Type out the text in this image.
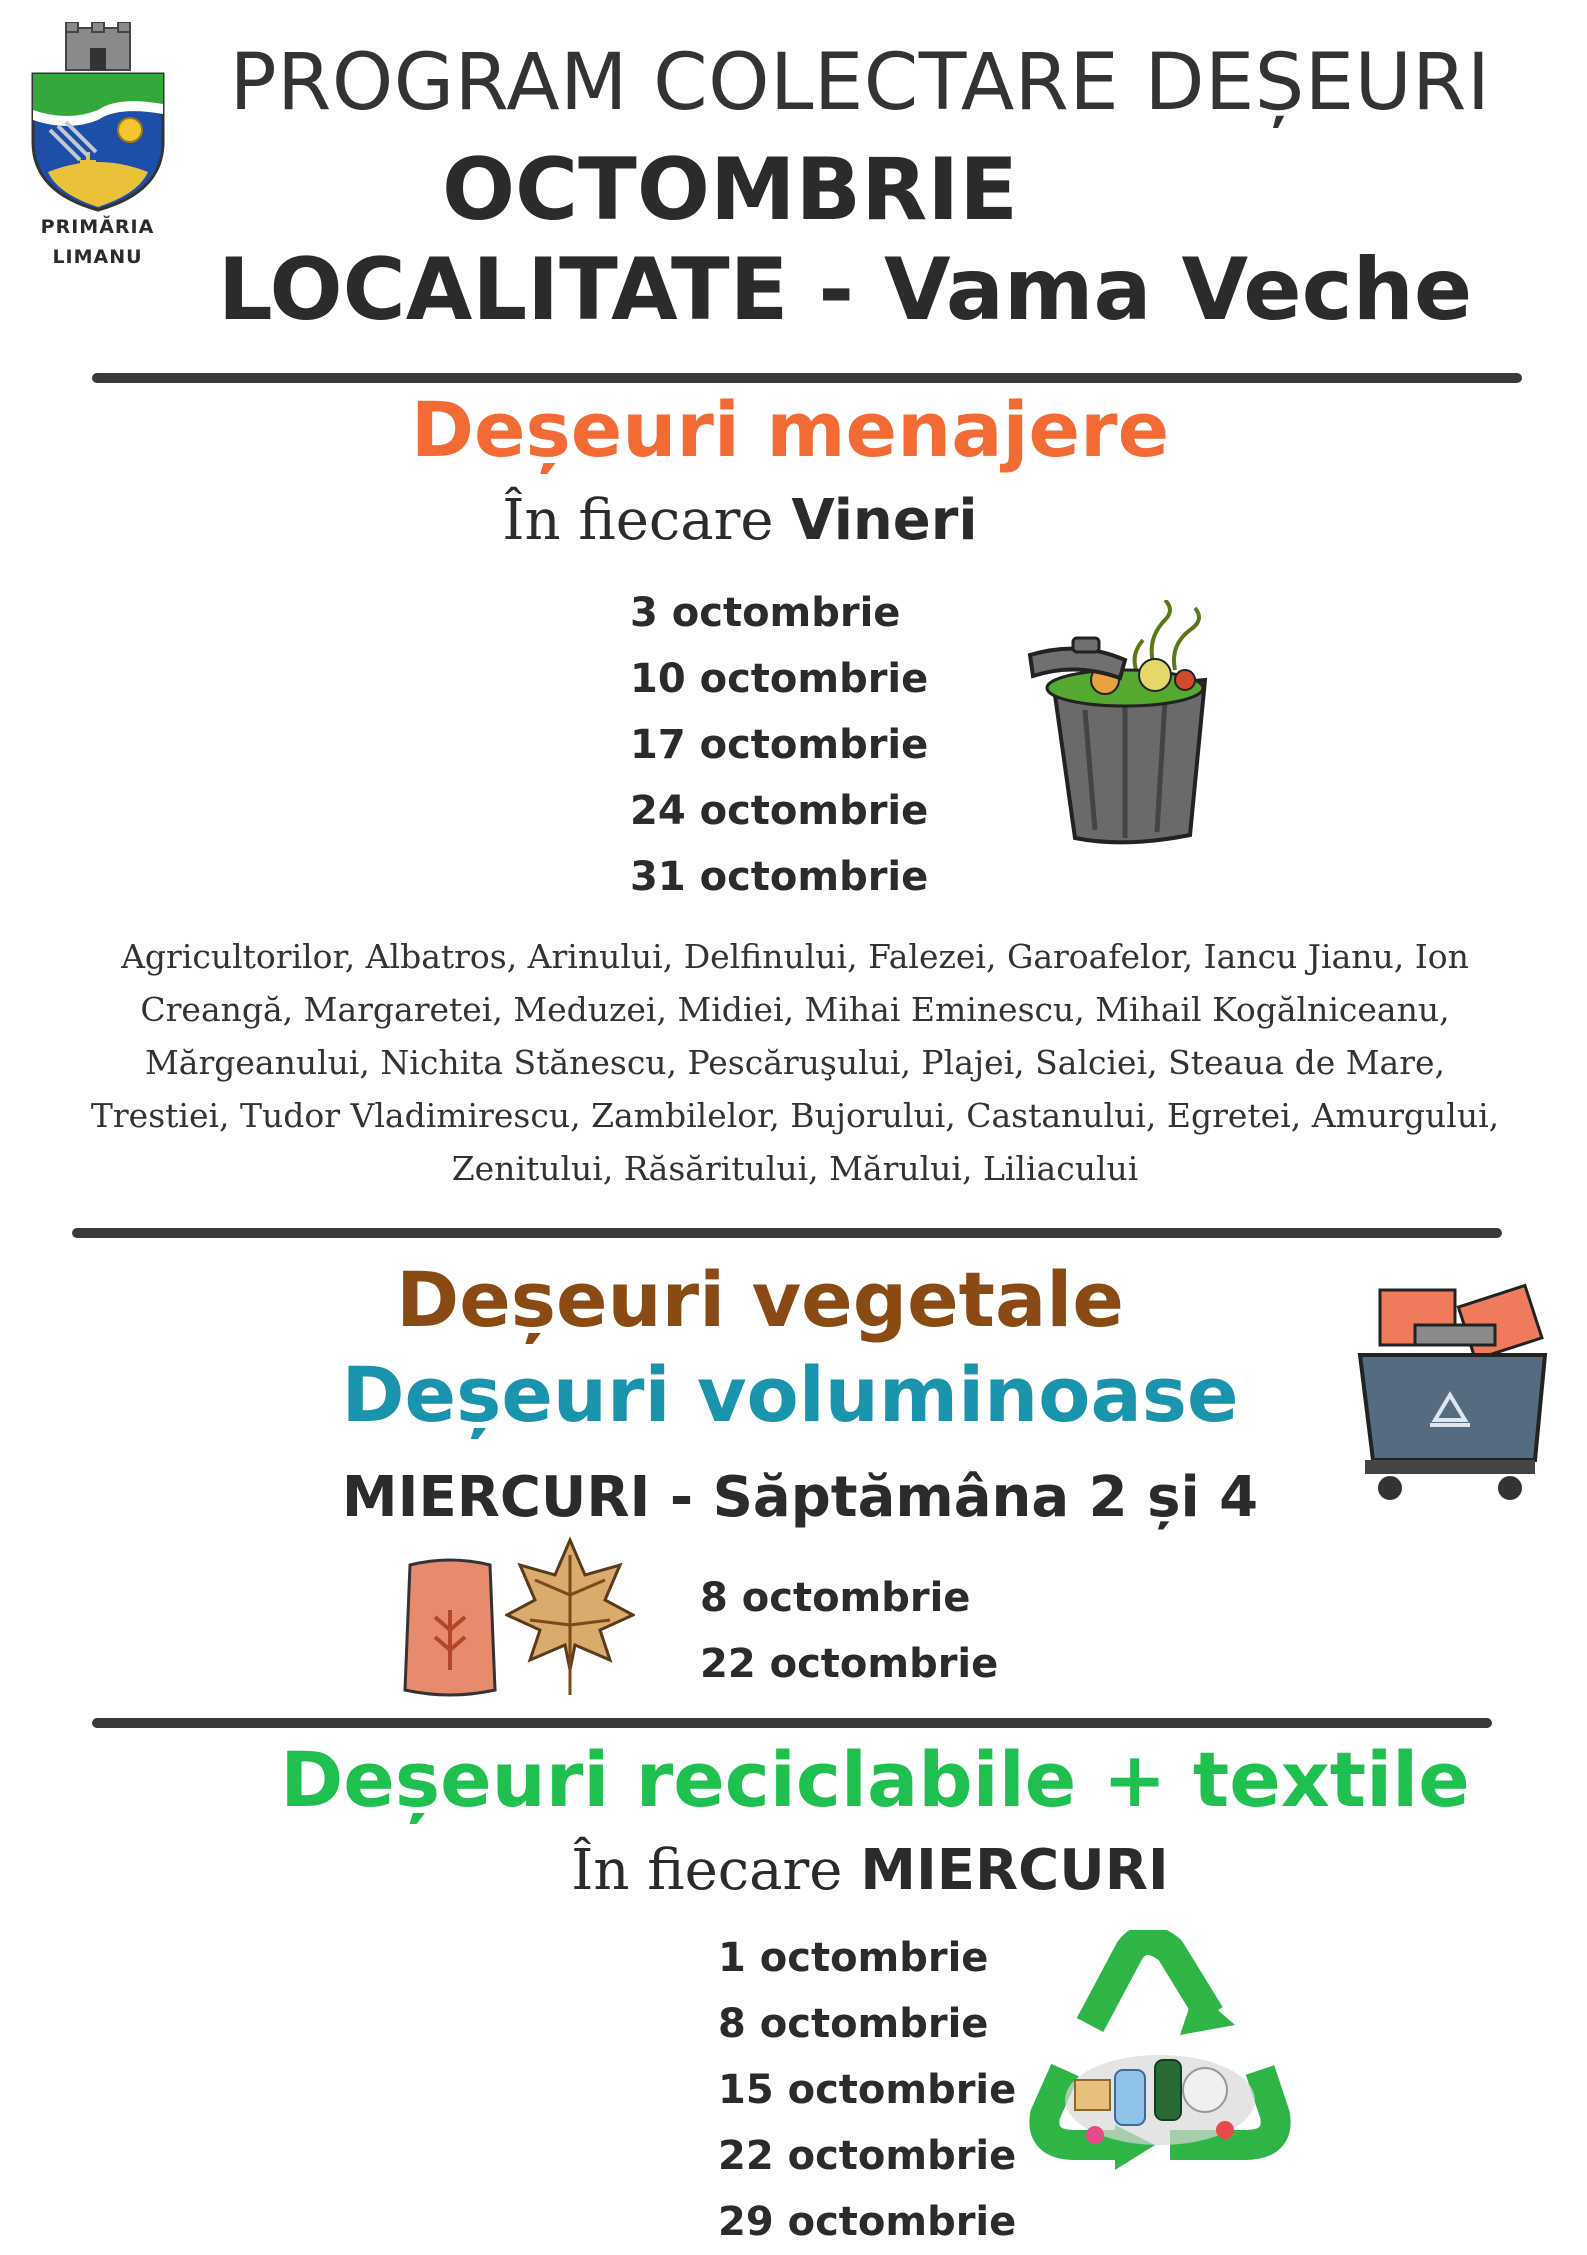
PRIMĂRIA LIMANU
PROGRAM COLECTARE DEȘEURI
OCTOMBRIE
LOCALITATE - Vama Veche
Deșeuri menajere
În fiecare Vineri
3 octombrie
10 octombrie
17 octombrie
24 octombrie
31 octombrie
Agricultorilor, Albatros, Arinului, Delfinului, Falezei, Garoafelor, Iancu Jianu, Ion Creangă, Margaretei, Meduzei, Midiei, Mihai Eminescu, Mihail Kogălniceanu, Mărgeanului, Nichita Stănescu, Pescăruşului, Plajei, Salciei, Steaua de Mare, Trestiei, Tudor Vladimirescu, Zambilelor, Bujorului, Castanului, Egretei, Amurgului, Zenitului, Răsăritului, Mărului, Liliacului
Deșeuri vegetale
Deșeuri voluminoase
MIERCURI - Săptămâna 2 și 4
8 octombrie
22 octombrie
Deșeuri reciclabile + textile
În fiecare MIERCURI
1 octombrie
8 octombrie
15 octombrie
22 octombrie
29 octombrie
